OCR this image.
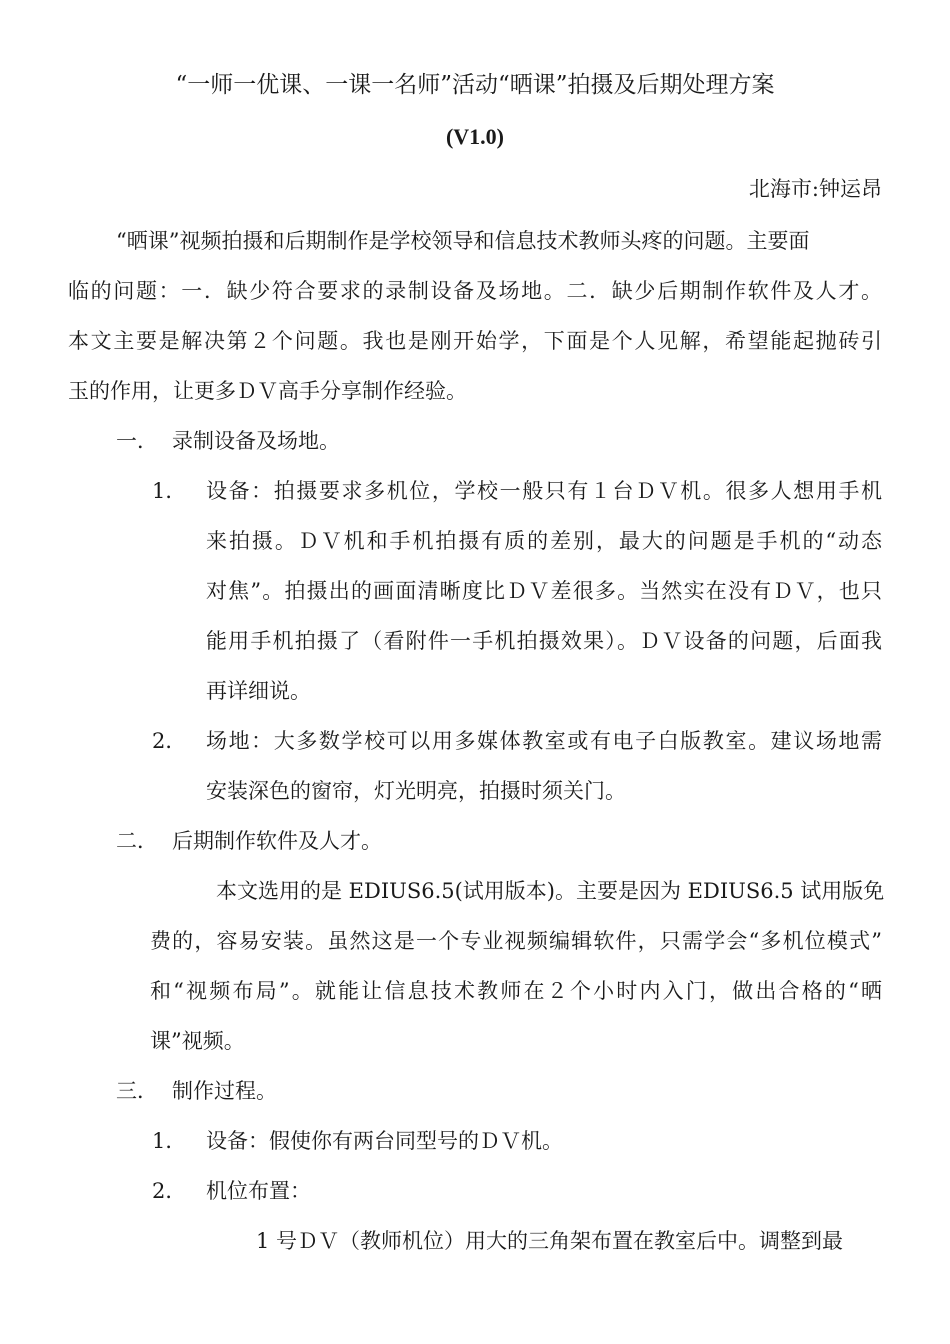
“一师一优课、一课一名师”活动“晒课”拍摄及后期处理方案
(V1.0)
北海市:钟运昂
“晒课”视频拍摄和后期制作是学校领导和信息技术教师头疼的问题。主要面
临的问题：一．缺少符合要求的录制设备及场地。二．缺少后期制作软件及人才。
本文主要是解决第２个问题。我也是刚开始学，下面是个人见解，希望能起抛砖引
玉的作用，让更多ＤＶ高手分享制作经验。
一． 录制设备及场地。
1． 设备：拍摄要求多机位，学校一般只有１台ＤＶ机。很多人想用手机
来拍摄。ＤＶ机和手机拍摄有质的差别，最大的问题是手机的“动态
对焦”。拍摄出的画面清晰度比ＤＶ差很多。当然实在没有ＤＶ，也只
能用手机拍摄了（看附件一手机拍摄效果）。ＤＶ设备的问题，后面我
再详细说。
2． 场地：大多数学校可以用多媒体教室或有电子白版教室。建议场地需
安装深色的窗帘，灯光明亮，拍摄时须关门。
二． 后期制作软件及人才。
本文选用的是 EDIUS6.5(试用版本)。主要是因为 EDIUS6.5 试用版免
费的，容易安装。虽然这是一个专业视频编辑软件，只需学会“多机位模式”
和“视频布局”。就能让信息技术教师在２个小时内入门，做出合格的“晒
课”视频。
三． 制作过程。
1． 设备：假使你有两台同型号的ＤＶ机。
2． 机位布置：
1 号ＤＶ（教师机位）用大的三角架布置在教室后中。调整到最
